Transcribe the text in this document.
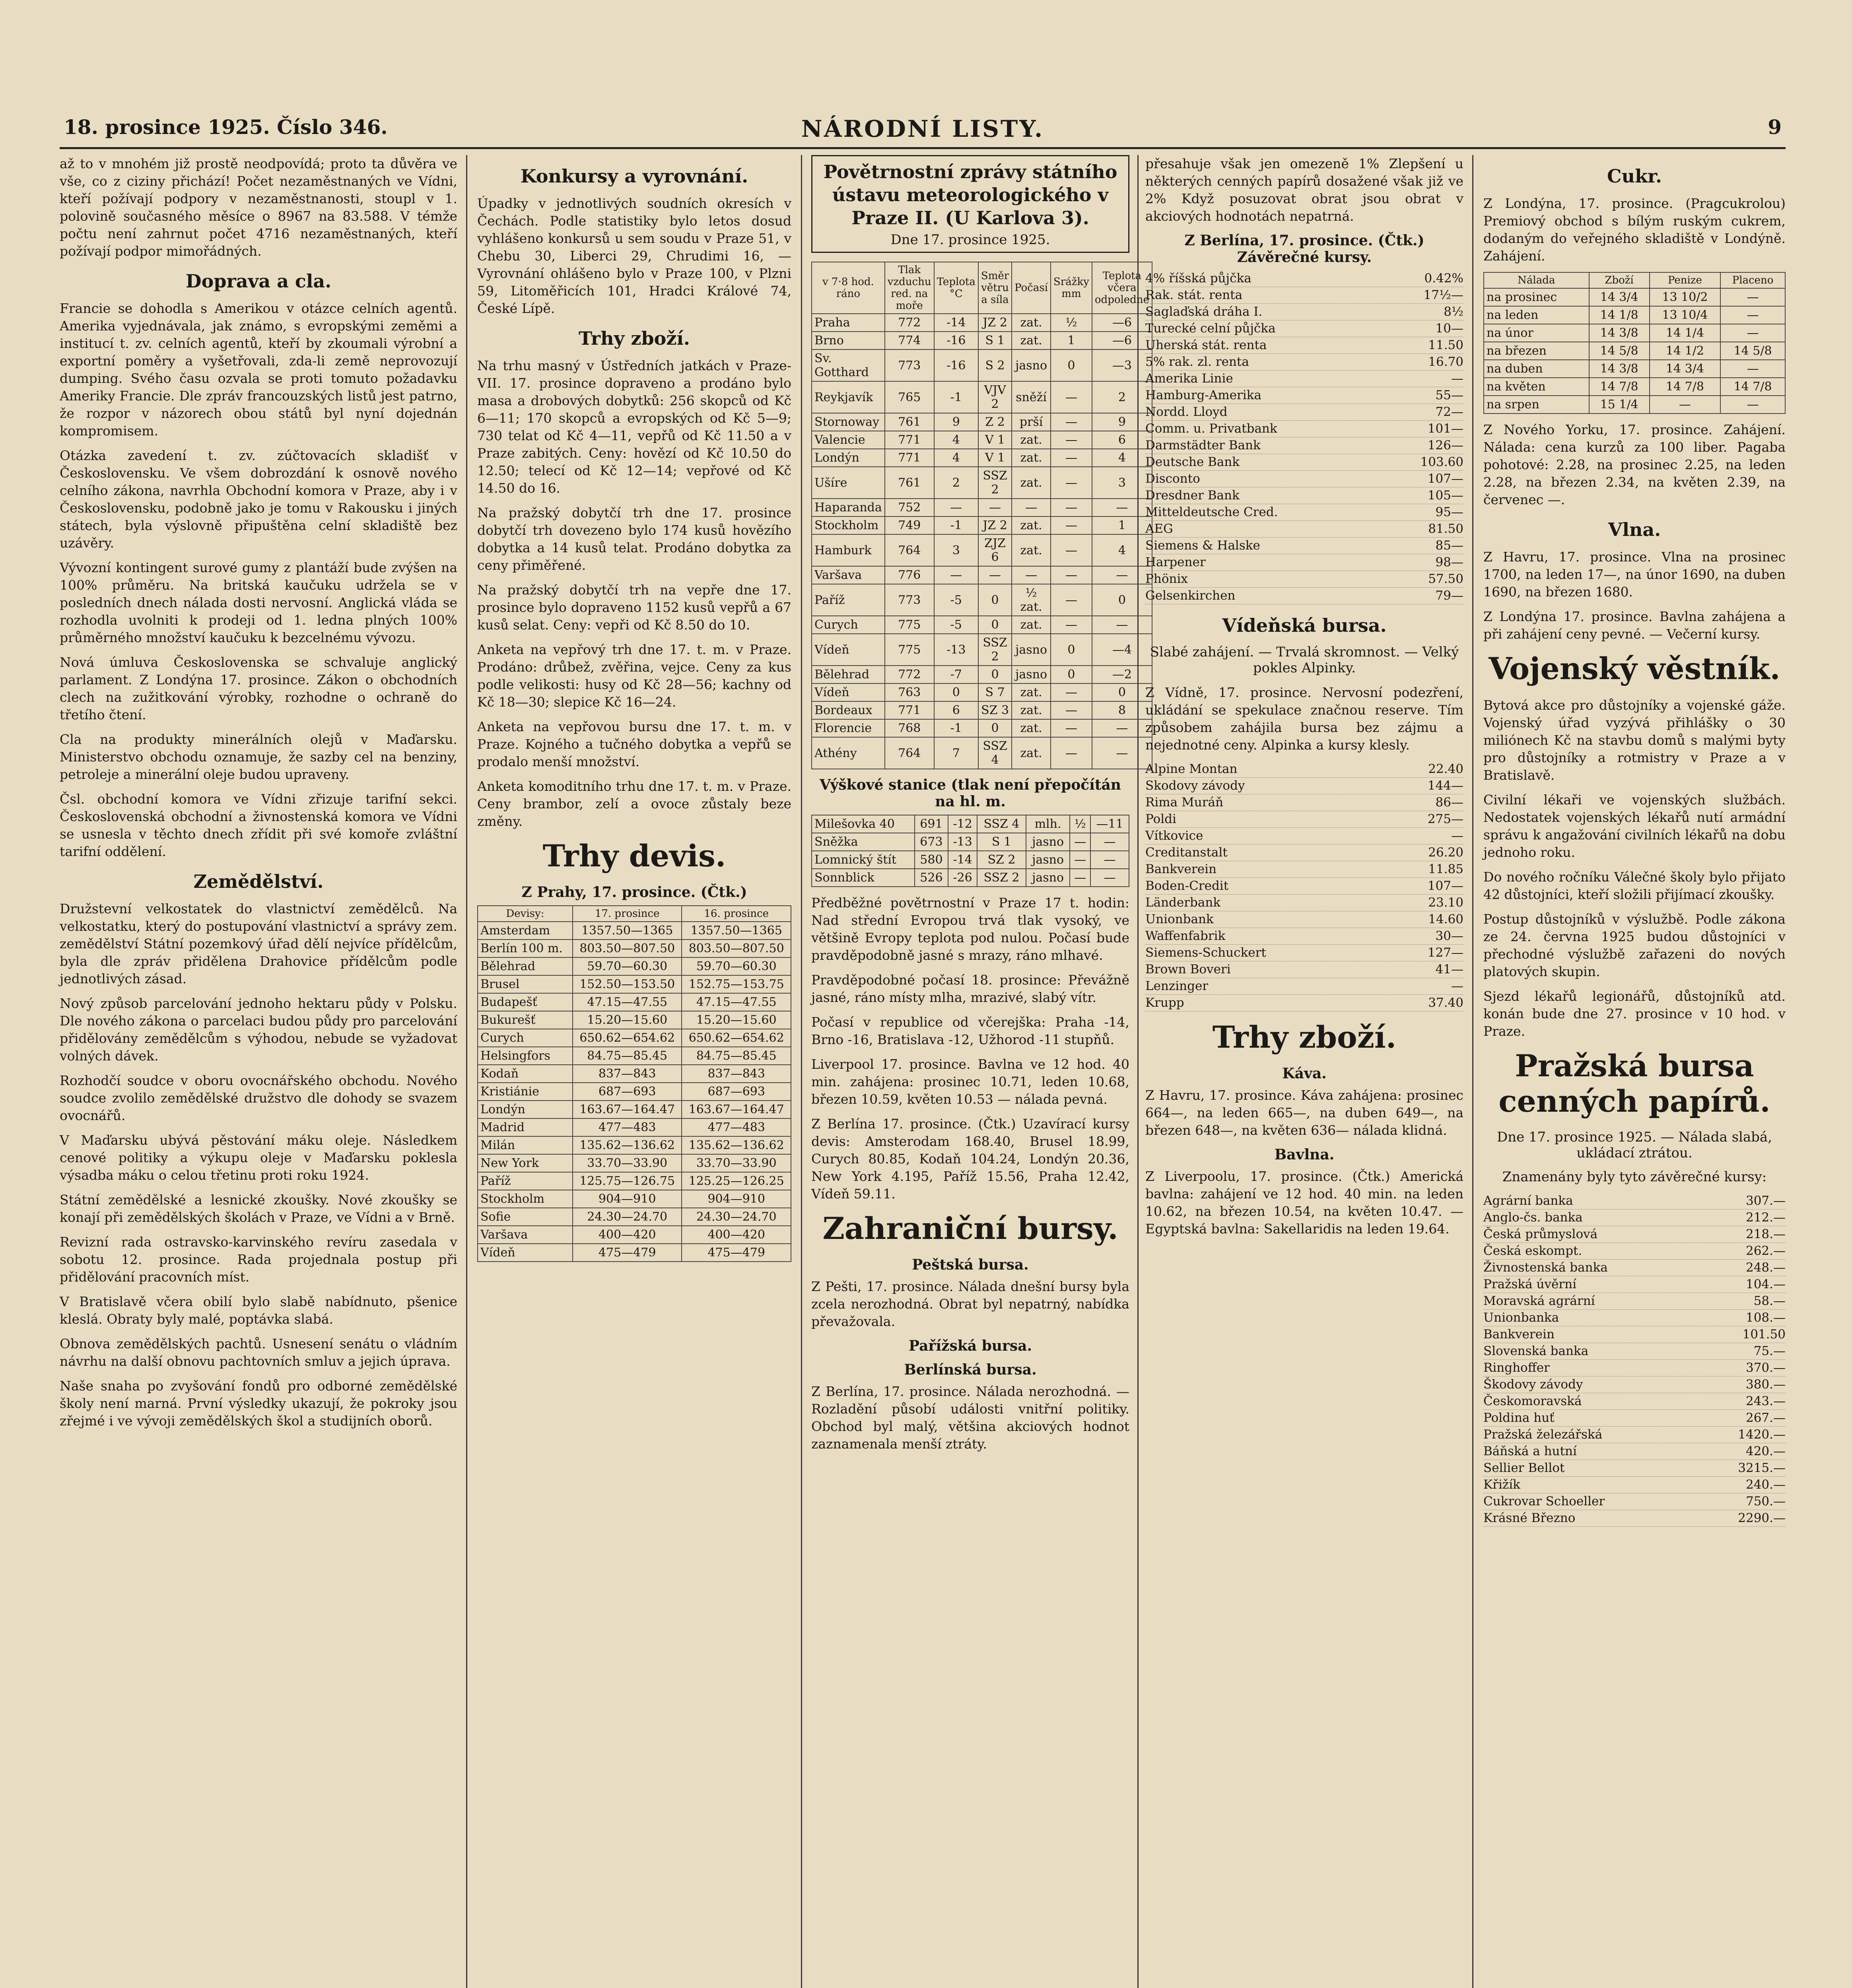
18. prosince 1925. Číslo 346.	NÁRODNÍ LISTY.	9

až to v mnohém již prostě neodpovídá; proto ta důvěra ve vše, co z ciziny přichází! Počet nezaměstnaných ve Vídni, kteří požívají podpory v nezaměstnanosti, stoupl v 1. polovině současného měsíce o 8967 na 83.588. V témže počtu není zahrnut počet 4716 nezaměstnaných, kteří požívají podpor mimořádných.

Doprava a cla.

Francie se dohodla s Amerikou v otázce celních agentů. Amerika vyjednávala, jak známo, s evropskými zeměmi a institucí t. zv. celních agentů, kteří by zkoumali výrobní a exportní poměry a vyšetřovali, zda-li země neprovozují dumping. Svého času ozvala se proti tomuto požadavku Ameriky Francie. Dle zpráv francouzských listů jest patrno, že rozpor v názorech obou států byl nyní dojednán kompromisem.

Otázka zavedení t. zv. zúčtovacích skladišť v Československu. Ve všem dobrozdání k osnově nového celního zákona, navrhla Obchodní komora v Praze, aby i v Československu, podobně jako je tomu v Rakousku i jiných státech, byla výslovně připuštěna celní skladiště bez uzávěry.

Vývozní kontingent surové gumy z plantáží bude zvýšen na 100% průměru. Na britská kaučuku udržela se v posledních dnech nálada dosti nervosní. Anglická vláda se rozhodla uvolniti k prodeji od 1. ledna plných 100% průměrného množství kaučuku k bezcelnému vývozu.

Nová úmluva Československa se schvaluje anglický parlament. Z Londýna 17. prosince. Zákon o obchodních clech na zužitkování výrobky, rozhodne o ochraně do třetího čtení.

Cla na produkty minerálních olejů v Maďarsku. Ministerstvo obchodu oznamuje, že sazby cel na benziny, petroleje a minerální oleje budou upraveny.

Čsl. obchodní komora ve Vídni zřizuje tarifní sekci. Československá obchodní a živnostenská komora ve Vídni se usnesla v těchto dnech zřídit při své komoře zvláštní tarifní oddělení.

Zemědělství.

Družstevní velkostatek do vlastnictví zemědělců. Na velkostatku, který do postupování vlastnictví a správy zem. zemědělství Státní pozemkový úřad dělí nejvíce přídělcům, byla dle zpráv přidělena Drahovice přídělcům podle jednotlivých zásad.

Nový způsob parcelování jednoho hektaru půdy v Polsku. Dle nového zákona o parcelaci budou půdy pro parcelování přidělovány zemědělcům s výhodou, nebude se vyžadovat volných dávek.

Rozhodčí soudce v oboru ovocnářského obchodu. Nového soudce zvolilo zemědělské družstvo dle dohody se svazem ovocnářů.

V Maďarsku ubývá pěstování máku oleje. Následkem cenové politiky a výkupu oleje v Maďarsku poklesla výsadba máku o celou třetinu proti roku 1924.

Státní zemědělské a lesnické zkoušky. Nové zkoušky se konají při zemědělských školách v Praze, ve Vídni a v Brně.

Revizní rada ostravsko-karvinského revíru zasedala v sobotu 12. prosince. Rada projednala postup při přidělování pracovních míst.

V Bratislavě včera obilí bylo slabě nabídnuto, pšenice kleslá. Obraty byly malé, poptávka slabá.

Obnova zemědělských pachtů. Usnesení senátu o vládním návrhu na další obnovu pachtovních smluv a jejich úprava.

Naše snaha po zvyšování fondů pro odborné zemědělské školy není marná. První výsledky ukazují, že pokroky jsou zřejmé i ve vývoji zemědělských škol a studijních oborů.

Konkursy a vyrovnání.

Úpadky v jednotlivých soudních okresích v Čechách. Podle statistiky bylo letos dosud vyhlášeno konkursů u sem soudu v Praze 51, v Chebu 30, Liberci 29, Chrudimi 16, — Vyrovnání ohlášeno bylo v Praze 100, v Plzni 59, Litoměřicích 101, Hradci Králové 74, České Lípě.

Trhy zboží.

Na trhu masný v Ústředních jatkách v Praze-VII. 17. prosince dopraveno a prodáno bylo masa a drobových dobytků: 256 skopců od Kč 6—11; 170 skopců a evropských od Kč 5—9; 730 telat od Kč 4—11, vepřů od Kč 11.50 a v Praze zabitých. Ceny: hovězí od Kč 10.50 do 12.50; telecí od Kč 12—14; vepřové od Kč 14.50 do 16.

Na pražský dobytčí trh dne 17. prosince dobytčí trh dovezeno bylo 174 kusů hovězího dobytka a 14 kusů telat. Prodáno dobytka za ceny přiměřené.

Na pražský dobytčí trh na vepře dne 17. prosince bylo dopraveno 1152 kusů vepřů a 67 kusů selat. Ceny: vepři od Kč 8.50 do 10.

Anketa na vepřový trh dne 17. t. m. v Praze. Prodáno: drůbež, zvěřina, vejce. Ceny za kus podle velikosti: husy od Kč 28—56; kachny od Kč 18—30; slepice Kč 16—24.

Anketa na vepřovou bursu dne 17. t. m. v Praze. Kojného a tučného dobytka a vepřů se prodalo menší množství.

Anketa komoditního trhu dne 17. t. m. v Praze. Ceny brambor, zelí a ovoce zůstaly beze změny.

Trhy devis.
Z Prahy, 17. prosince. (Čtk.)
Devisy:	17. prosince	16. prosince
Amsterdam	1357.50—1365	1357.50—1365
Berlín 100 m.	803.50—807.50	803.50—807.50
Bělehrad	59.70—60.30	59.70—60.30
Brusel	152.50—153.50	152.75—153.75
Budapešť	47.15—47.55	47.15—47.55
Bukurešť	15.20—15.60	15.20—15.60
Curych	650.62—654.62	650.62—654.62
Helsingfors	84.75—85.45	84.75—85.45
Kodaň	837—843	837—843
Kristiánie	687—693	687—693
Londýn	163.67—164.47	163.67—164.47
Madrid	477—483	477—483
Milán	135.62—136.62	135.62—136.62
New York	33.70—33.90	33.70—33.90
Paříž	125.75—126.75	125.25—126.25
Stockholm	904—910	904—910
Sofie	24.30—24.70	24.30—24.70
Varšava	400—420	400—420
Vídeň	475—479	475—479
Povětrnostní zprávy státního ústavu meteorologického v Praze II. (U Karlova 3).
Dne 17. prosince 1925.
v 7·8 hod. ráno	Tlak vzduchu red. na moře	Teplota °C	Směr větru a síla	Počasí	Srážky mm	Teplota včera odpoledne
Praha	772	-14	JZ 2	zat.	½	—6
Brno	774	-16	S 1	zat.	1	—6
Sv. Gotthard	773	-16	S 2	jasno	0	—3
Reykjavík	765	-1	VJV 2	sněží	—	2
Stornoway	761	9	Z 2	prší	—	9
Valencie	771	4	V 1	zat.	—	6
Londýn	771	4	V 1	zat.	—	4
Ušíre	761	2	SSZ 2	zat.	—	3
Haparanda	752	—	—	—	—	—
Stockholm	749	-1	JZ 2	zat.	—	1
Hamburk	764	3	ZJZ 6	zat.	—	4
Varšava	776	—	—	—	—	—
Paříž	773	-5	0	½ zat.	—	0
Curych	775	-5	0	zat.	—	—
Vídeň	775	-13	SSZ 2	jasno	0	—4
Bělehrad	772	-7	0	jasno	0	—2
Vídeň	763	0	S 7	zat.	—	0
Bordeaux	771	6	SZ 3	zat.	—	8
Florencie	768	-1	0	zat.	—	—
Athény	764	7	SSZ 4	zat.	—	—
Výškové stanice (tlak není přepočítán na hl. m.
Milešovka 40	691	-12	SSZ 4	mlh.	½	—11
Sněžka	673	-13	S 1	jasno	—	—
Lomnický štít	580	-14	SZ 2	jasno	—	—
Sonnblick	526	-26	SSZ 2	jasno	—	—

Předběžné povětrnostní v Praze 17 t. hodin: Nad střední Evropou trvá tlak vysoký, ve většině Evropy teplota pod nulou. Počasí bude pravděpodobně jasné s mrazy, ráno mlhavé.

Pravděpodobné počasí 18. prosince: Převážně jasné, ráno místy mlha, mrazivé, slabý vítr.

Počasí v republice od včerejška: Praha -14, Brno -16, Bratislava -12, Užhorod -11 stupňů.

Liverpool 17. prosince. Bavlna ve 12 hod. 40 min. zahájena: prosinec 10.71, leden 10.68, březen 10.59, květen 10.53 — nálada pevná.

Z Berlína 17. prosince. (Čtk.) Uzavírací kursy devis: Amsterodam 168.40, Brusel 18.99, Curych 80.85, Kodaň 104.24, Londýn 20.36, New York 4.195, Paříž 15.56, Praha 12.42, Vídeň 59.11.

Zahraniční bursy.
Peštská bursa.

Z Pešti, 17. prosince. Nálada dnešní bursy byla zcela nerozhodná. Obrat byl nepatrný, nabídka převažovala.

Pařížská bursa.
Berlínská bursa.

Z Berlína, 17. prosince. Nálada nerozhodná. — Rozladění působí události vnitřní politiky. Obchod byl malý, většina akciových hodnot zaznamenala menší ztráty.

přesahuje však jen omezeně 1% Zlepšení u některých cenných papírů dosažené však již ve 2% Když posuzovat obrat jsou obrat v akciových hodnotách nepatrná.

Z Berlína, 17. prosince. (Čtk.) Závěrečné kursy.
4% říšská půjčka	0.42%
Rak. stát. renta	17½—
Saglaďská dráha I.	8½
Turecké celní půjčka	10—
Uherská stát. renta	11.50
5% rak. zl. renta	16.70
Amerika Linie	—
Hamburg-Amerika	55—
Nordd. Lloyd	72—
Comm. u. Privatbank	101—
Darmstädter Bank	126—
Deutsche Bank	103.60
Disconto	107—
Dresdner Bank	105—
Mitteldeutsche Cred.	95—
AEG	81.50
Siemens & Halske	85—
Harpener	98—
Phönix	57.50
Gelsenkirchen	79—
Vídeňská bursa.
Slabé zahájení. — Trvalá skromnost. — Velký pokles Alpinky.

Z Vídně, 17. prosince. Nervosní podezření, ukládání se spekulace značnou reserve. Tím způsobem zahájila bursa bez zájmu a nejednotné ceny. Alpinka a kursy klesly.

Alpine Montan	22.40
Skodovy závody	144—
Rima Muráň	86—
Poldi	275—
Vítkovice	—
Creditanstalt	26.20
Bankverein	11.85
Boden-Credit	107—
Länderbank	23.10
Unionbank	14.60
Waffenfabrik	30—
Siemens-Schuckert	127—
Brown Boveri	41—
Lenzinger	—
Krupp	37.40
Trhy zboží.
Káva.

Z Havru, 17. prosince. Káva zahájena: prosinec 664—, na leden 665—, na duben 649—, na březen 648—, na květen 636— nálada klidná.

Bavlna.

Z Liverpoolu, 17. prosince. (Čtk.) Americká bavlna: zahájení ve 12 hod. 40 min. na leden 10.62, na březen 10.54, na květen 10.47. — Egyptská bavlna: Sakellaridis na leden 19.64.

Cukr.

Z Londýna, 17. prosince. (Pragcukrolou) Premiový obchod s bílým ruským cukrem, dodaným do veřejného skladiště v Londýně. Zahájení.

Nálada	Zboží	Penize	Placeno
na prosinec	14 3/4	13 10/2	—
na leden	14 1/8	13 10/4	—
na únor	14 3/8	14 1/4	—
na březen	14 5/8	14 1/2	14 5/8
na duben	14 3/8	14 3/4	—
na květen	14 7/8	14 7/8	14 7/8
na srpen	15 1/4	—	—

Z Nového Yorku, 17. prosince. Zahájení. Nálada: cena kurzů za 100 liber. Pagaba pohotové: 2.28, na prosinec 2.25, na leden 2.28, na březen 2.34, na květen 2.39, na červenec —.

Vlna.

Z Havru, 17. prosince. Vlna na prosinec 1700, na leden 17—, na únor 1690, na duben 1690, na březen 1680.

Z Londýna 17. prosince. Bavlna zahájena a při zahájení ceny pevné. — Večerní kursy.

Vojenský věstník.

Bytová akce pro důstojníky a vojenské gáže. Vojenský úřad vyzývá přihlášky o 30 miliónech Kč na stavbu domů s malými byty pro důstojníky a rotmistry v Praze a v Bratislavě.

Civilní lékaři ve vojenských službách. Nedostatek vojenských lékařů nutí armádní správu k angažování civilních lékařů na dobu jednoho roku.

Do nového ročníku Válečné školy bylo přijato 42 důstojníci, kteří složili přijímací zkoušky.

Postup důstojníků v výslužbě. Podle zákona ze 24. června 1925 budou důstojníci v přechodné výslužbě zařazeni do nových platových skupin.

Sjezd lékařů legionářů, důstojníků atd. konán bude dne 27. prosince v 10 hod. v Praze.

Pražská bursa cenných papírů.
Dne 17. prosince 1925. — Nálada slabá, ukládací ztrátou.
Znamenány byly tyto závěrečné kursy:
Agrární banka	307.—
Anglo-čs. banka	212.—
Česká průmyslová	218.—
Česká eskompt.	262.—
Živnostenská banka	248.—
Pražská úvěrní	104.—
Moravská agrární	58.—
Unionbanka	108.—
Bankverein	101.50
Slovenská banka	75.—
Ringhoffer	370.—
Škodovy závody	380.—
Českomoravská	243.—
Poldina huť	267.—
Pražská železářská	1420.—
Báňská a hutní	420.—
Sellier Bellot	3215.—
Křižík	240.—
Cukrovar Schoeller	750.—
Krásné Březno	2290.—
